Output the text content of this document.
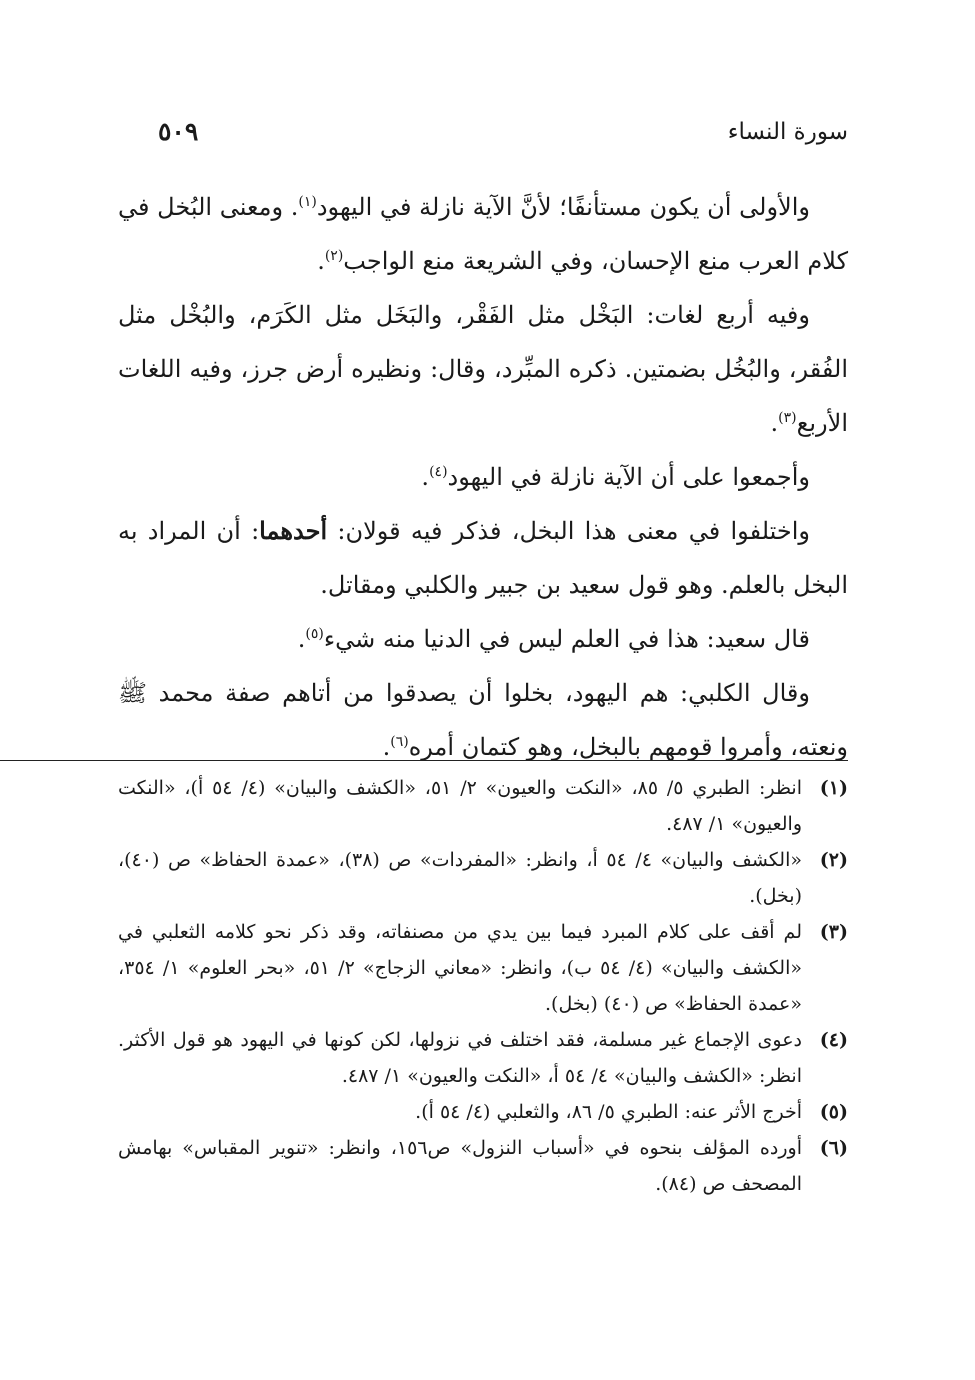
سورة النساء
٥٠٩

والأولى أن يكون مستأنفًا؛ لأنَّ الآية نازلة في اليهود$^{(١)}$. ومعنى البُخل في كلام العرب منع الإحسان، وفي الشريعة منع الواجب$^{(٢)}$.

وفيه أربع لغات: البَخْل مثل الفَقْر، والبَخَل مثل الكَرَم، والبُخْل مثل الفُقر، والبُخُل بضمتين. ذكره المبِّرد، وقال: ونظيره أرض جرز، وفيه اللغات الأربع$^{(٣)}$.

وأجمعوا على أن الآية نازلة في اليهود$^{(٤)}$.

واختلفوا في معنى هذا البخل، فذكر فيه قولان: أحدهما: أن المراد به البخل بالعلم. وهو قول سعيد بن جبير والكلبي ومقاتل.

قال سعيد: هذا في العلم ليس في الدنيا منه شيء$^{(٥)}$.

وقال الكلبي: هم اليهود، بخلوا أن يصدقوا من أتاهم صفة محمد ﷺ ونعته، وأمروا قومهم بالبخل، وهو كتمان أمره$^{(٦)}$.

(١)
انظر: الطبري ٥/ ٨٥، «النكت والعيون» ٢/ ٥١، «الكشف والبيان» (٤/ ٥٤ أ)، «النكت والعيون» ١/ ٤٨٧.
(٢)
«الكشف والبيان» ٤/ ٥٤ أ، وانظر: «المفردات» ص (٣٨)، «عمدة الحفاظ» ص (٤٠)، (بخل).
(٣)
لم أقف على كلام المبرد فيما بين يدي من مصنفاته، وقد ذكر نحو كلامه الثعلبي في «الكشف والبيان» (٤/ ٥٤ ب)، وانظر: «معاني الزجاج» ٢/ ٥١، «بحر العلوم» ١/ ٣٥٤، «عمدة الحفاظ» ص (٤٠) (بخل).
(٤)
دعوى الإجماع غير مسلمة، فقد اختلف في نزولها، لكن كونها في اليهود هو قول الأكثر. انظر: «الكشف والبيان» ٤/ ٥٤ أ، «النكت والعيون» ١/ ٤٨٧.
(٥)
أخرج الأثر عنه: الطبري ٥/ ٨٦، والثعلبي (٤/ ٥٤ أ).
(٦)
أورده المؤلف بنحوه في «أسباب النزول» ص١٥٦، وانظر: «تنوير المقباس» بهامش المصحف ص (٨٤).
